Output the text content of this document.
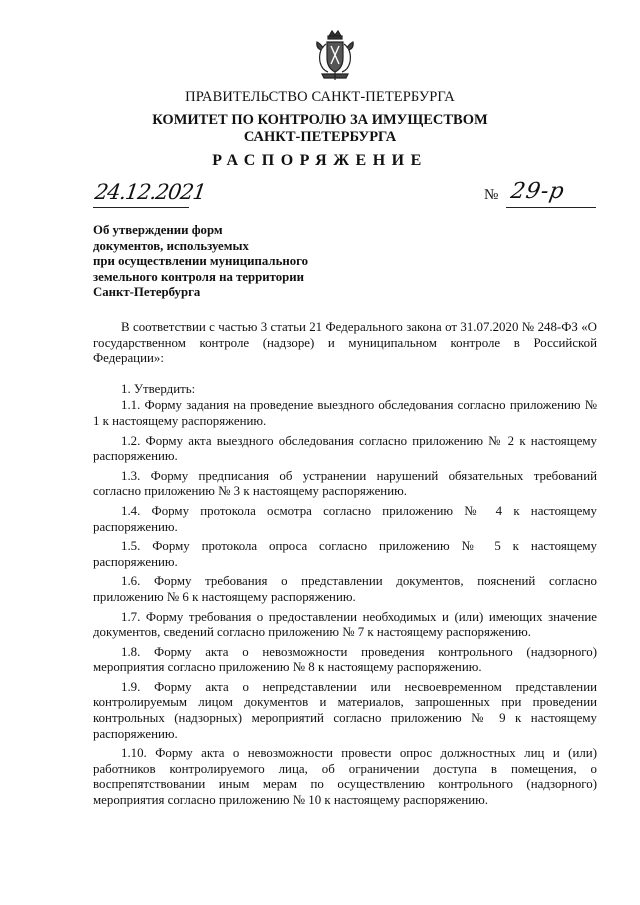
ПРАВИТЕЛЬСТВО САНКТ-ПЕТЕРБУРГА
КОМИТЕТ ПО КОНТРОЛЮ ЗА ИМУЩЕСТВОМ
САНКТ-ПЕТЕРБУРГА
РАСПОРЯЖЕНИЕ
24.12.2021	№ 29-р
Об утверждении форм
документов, используемых
при осуществлении муниципального
земельного контроля на территории
Санкт-Петербурга

В соответствии с частью 3 статьи 21 Федерального закона от 31.07.2020 № 248-ФЗ «О государственном контроле (надзоре) и муниципальном контроле в Российской Федерации»:

1. Утвердить:

1.1. Форму задания на проведение выездного обследования согласно приложению № 1 к настоящему распоряжению.

1.2. Форму акта выездного обследования согласно приложению № 2 к настоящему распоряжению.

1.3. Форму предписания об устранении нарушений обязательных требований согласно приложению № 3 к настоящему распоряжению.

1.4. Форму протокола осмотра согласно приложению № 4 к настоящему распоряжению.

1.5. Форму протокола опроса согласно приложению № 5 к настоящему распоряжению.

1.6. Форму требования о представлении документов, пояснений согласно приложению № 6 к настоящему распоряжению.

1.7. Форму требования о предоставлении необходимых и (или) имеющих значение документов, сведений согласно приложению № 7 к настоящему распоряжению.

1.8. Форму акта о невозможности проведения контрольного (надзорного) мероприятия согласно приложению № 8 к настоящему распоряжению.

1.9. Форму акта о непредставлении или несвоевременном представлении контролируемым лицом документов и материалов, запрошенных при проведении контрольных (надзорных) мероприятий согласно приложению № 9 к настоящему распоряжению.

1.10. Форму акта о невозможности провести опрос должностных лиц и (или) работников контролируемого лица, об ограничении доступа в помещения, о воспрепятствовании иным мерам по осуществлению контрольного (надзорного) мероприятия согласно приложению № 10 к настоящему распоряжению.
